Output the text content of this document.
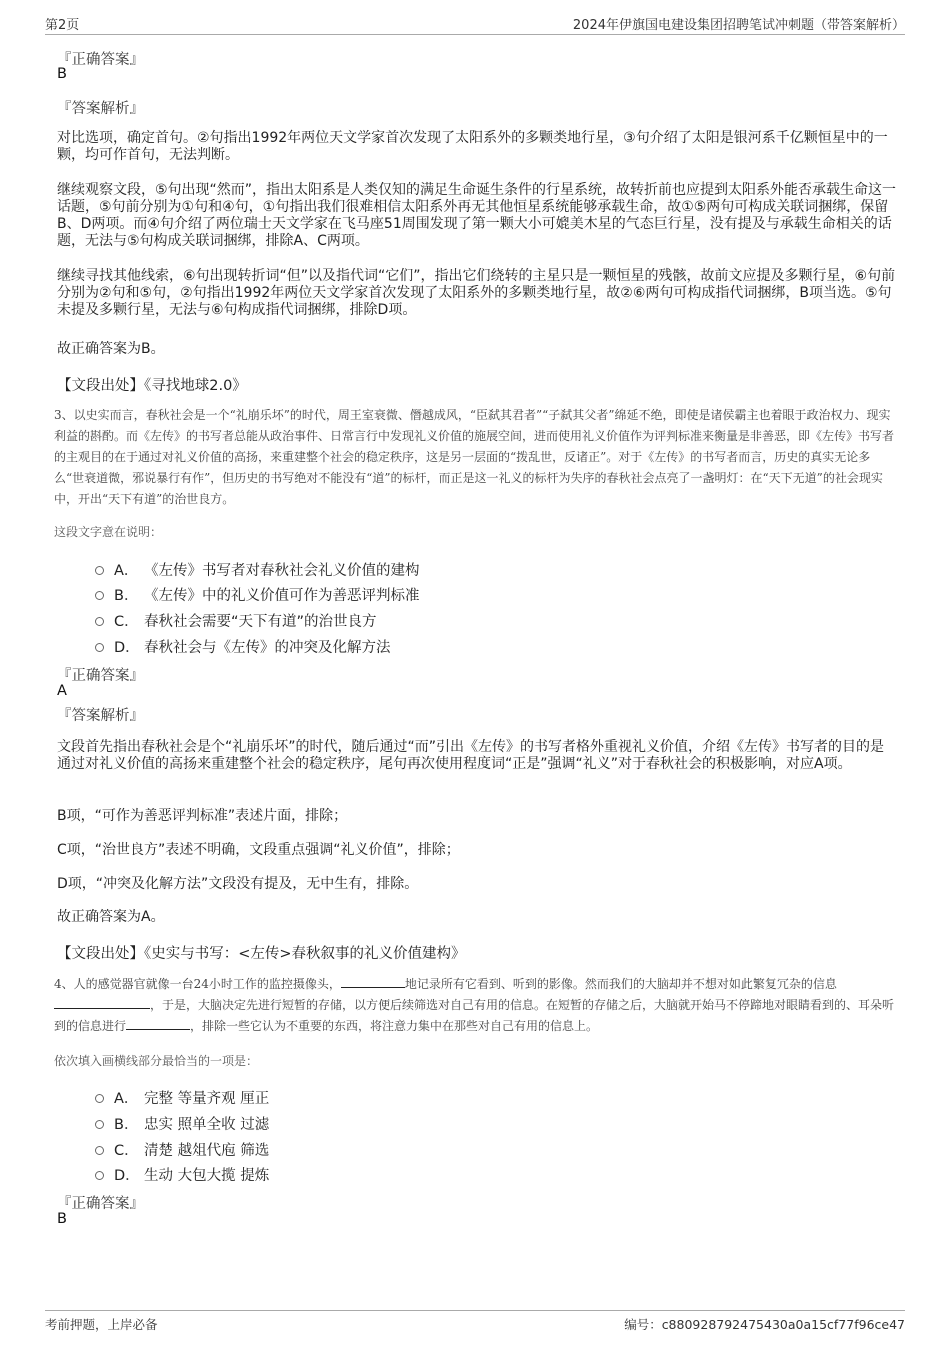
第2页	2024年伊旗国电建设集团招聘笔试冲刺题（带答案解析）
『正确答案』
B
『答案解析』
对比选项，确定首句。②句指出1992年两位天文学家首次发现了太阳系外的多颗类地行星，③句介绍了太阳是银河系千亿颗恒星中的一颗，均可作首句，无法判断。
继续观察文段，⑤句出现“然而”，指出太阳系是人类仅知的满足生命诞生条件的行星系统，故转折前也应提到太阳系外能否承载生命这一话题，⑤句前分别为①句和④句，①句指出我们很难相信太阳系外再无其他恒星系统能够承载生命，故①⑤两句可构成关联词捆绑，保留B、D两项。而④句介绍了两位瑞士天文学家在飞马座51周围发现了第一颗大小可媲美木星的气态巨行星，没有提及与承载生命相关的话题，无法与⑤句构成关联词捆绑，排除A、C两项。
继续寻找其他线索，⑥句出现转折词“但”以及指代词“它们”，指出它们绕转的主星只是一颗恒星的残骸，故前文应提及多颗行星，⑥句前分别为②句和⑤句，②句指出1992年两位天文学家首次发现了太阳系外的多颗类地行星，故②⑥两句可构成指代词捆绑，B项当选。⑤句未提及多颗行星，无法与⑥句构成指代词捆绑，排除D项。
故正确答案为B。
【文段出处】《寻找地球2.0》
3、以史实而言，春秋社会是一个“礼崩乐坏”的时代，周王室衰微、僭越成风，“臣弑其君者”“子弑其父者”绵延不绝，即使是诸侯霸主也着眼于政治权力、现实利益的斟酌。而《左传》的书写者总能从政治事件、日常言行中发现礼义价值的施展空间，进而使用礼义价值作为评判标准来衡量是非善恶，即《左传》书写者的主观目的在于通过对礼义价值的高扬，来重建整个社会的稳定秩序，这是另一层面的“拨乱世，反诸正”。对于《左传》的书写者而言，历史的真实无论多么“世衰道微，邪说暴行有作”，但历史的书写绝对不能没有“道”的标杆，而正是这一礼义的标杆为失序的春秋社会点亮了一盏明灯：在“天下无道”的社会现实中，开出“天下有道”的治世良方。
这段文字意在说明：
A． 《左传》书写者对春秋社会礼义价值的建构
B． 《左传》中的礼义价值可作为善恶评判标准
C． 春秋社会需要“天下有道”的治世良方
D． 春秋社会与《左传》的冲突及化解方法
『正确答案』
A
『答案解析』
文段首先指出春秋社会是个“礼崩乐坏”的时代，随后通过“而”引出《左传》的书写者格外重视礼义价值，介绍《左传》书写者的目的是通过对礼义价值的高扬来重建整个社会的稳定秩序，尾句再次使用程度词“正是”强调“礼义”对于春秋社会的积极影响，对应A项。
B项，“可作为善恶评判标准”表述片面，排除；
C项，“治世良方”表述不明确，文段重点强调“礼义价值”，排除；
D项，“冲突及化解方法”文段没有提及，无中生有，排除。
故正确答案为A。
【文段出处】《史实与书写：<左传>春秋叙事的礼义价值建构》
4、人的感觉器官就像一台24小时工作的监控摄像头，	地记录所有它看到、听到的影像。然而我们的大脑却并不想对如此繁复冗杂的信息，于是，大脑决定先进行短暂的存储，以方便后续筛选对自己有用的信息。在短暂的存储之后，大脑就开始马不停蹄地对眼睛看到的、耳朵听到的信息进行	，排除一些它认为不重要的东西，将注意力集中在那些对自己有用的信息上。
依次填入画横线部分最恰当的一项是：
A． 完整 等量齐观 厘正
B． 忠实 照单全收 过滤
C． 清楚 越俎代庖 筛选
D． 生动 大包大揽 提炼
『正确答案』
B
考前押题，上岸必备	编号：c880928792475430a0a15cf77f96ce47
